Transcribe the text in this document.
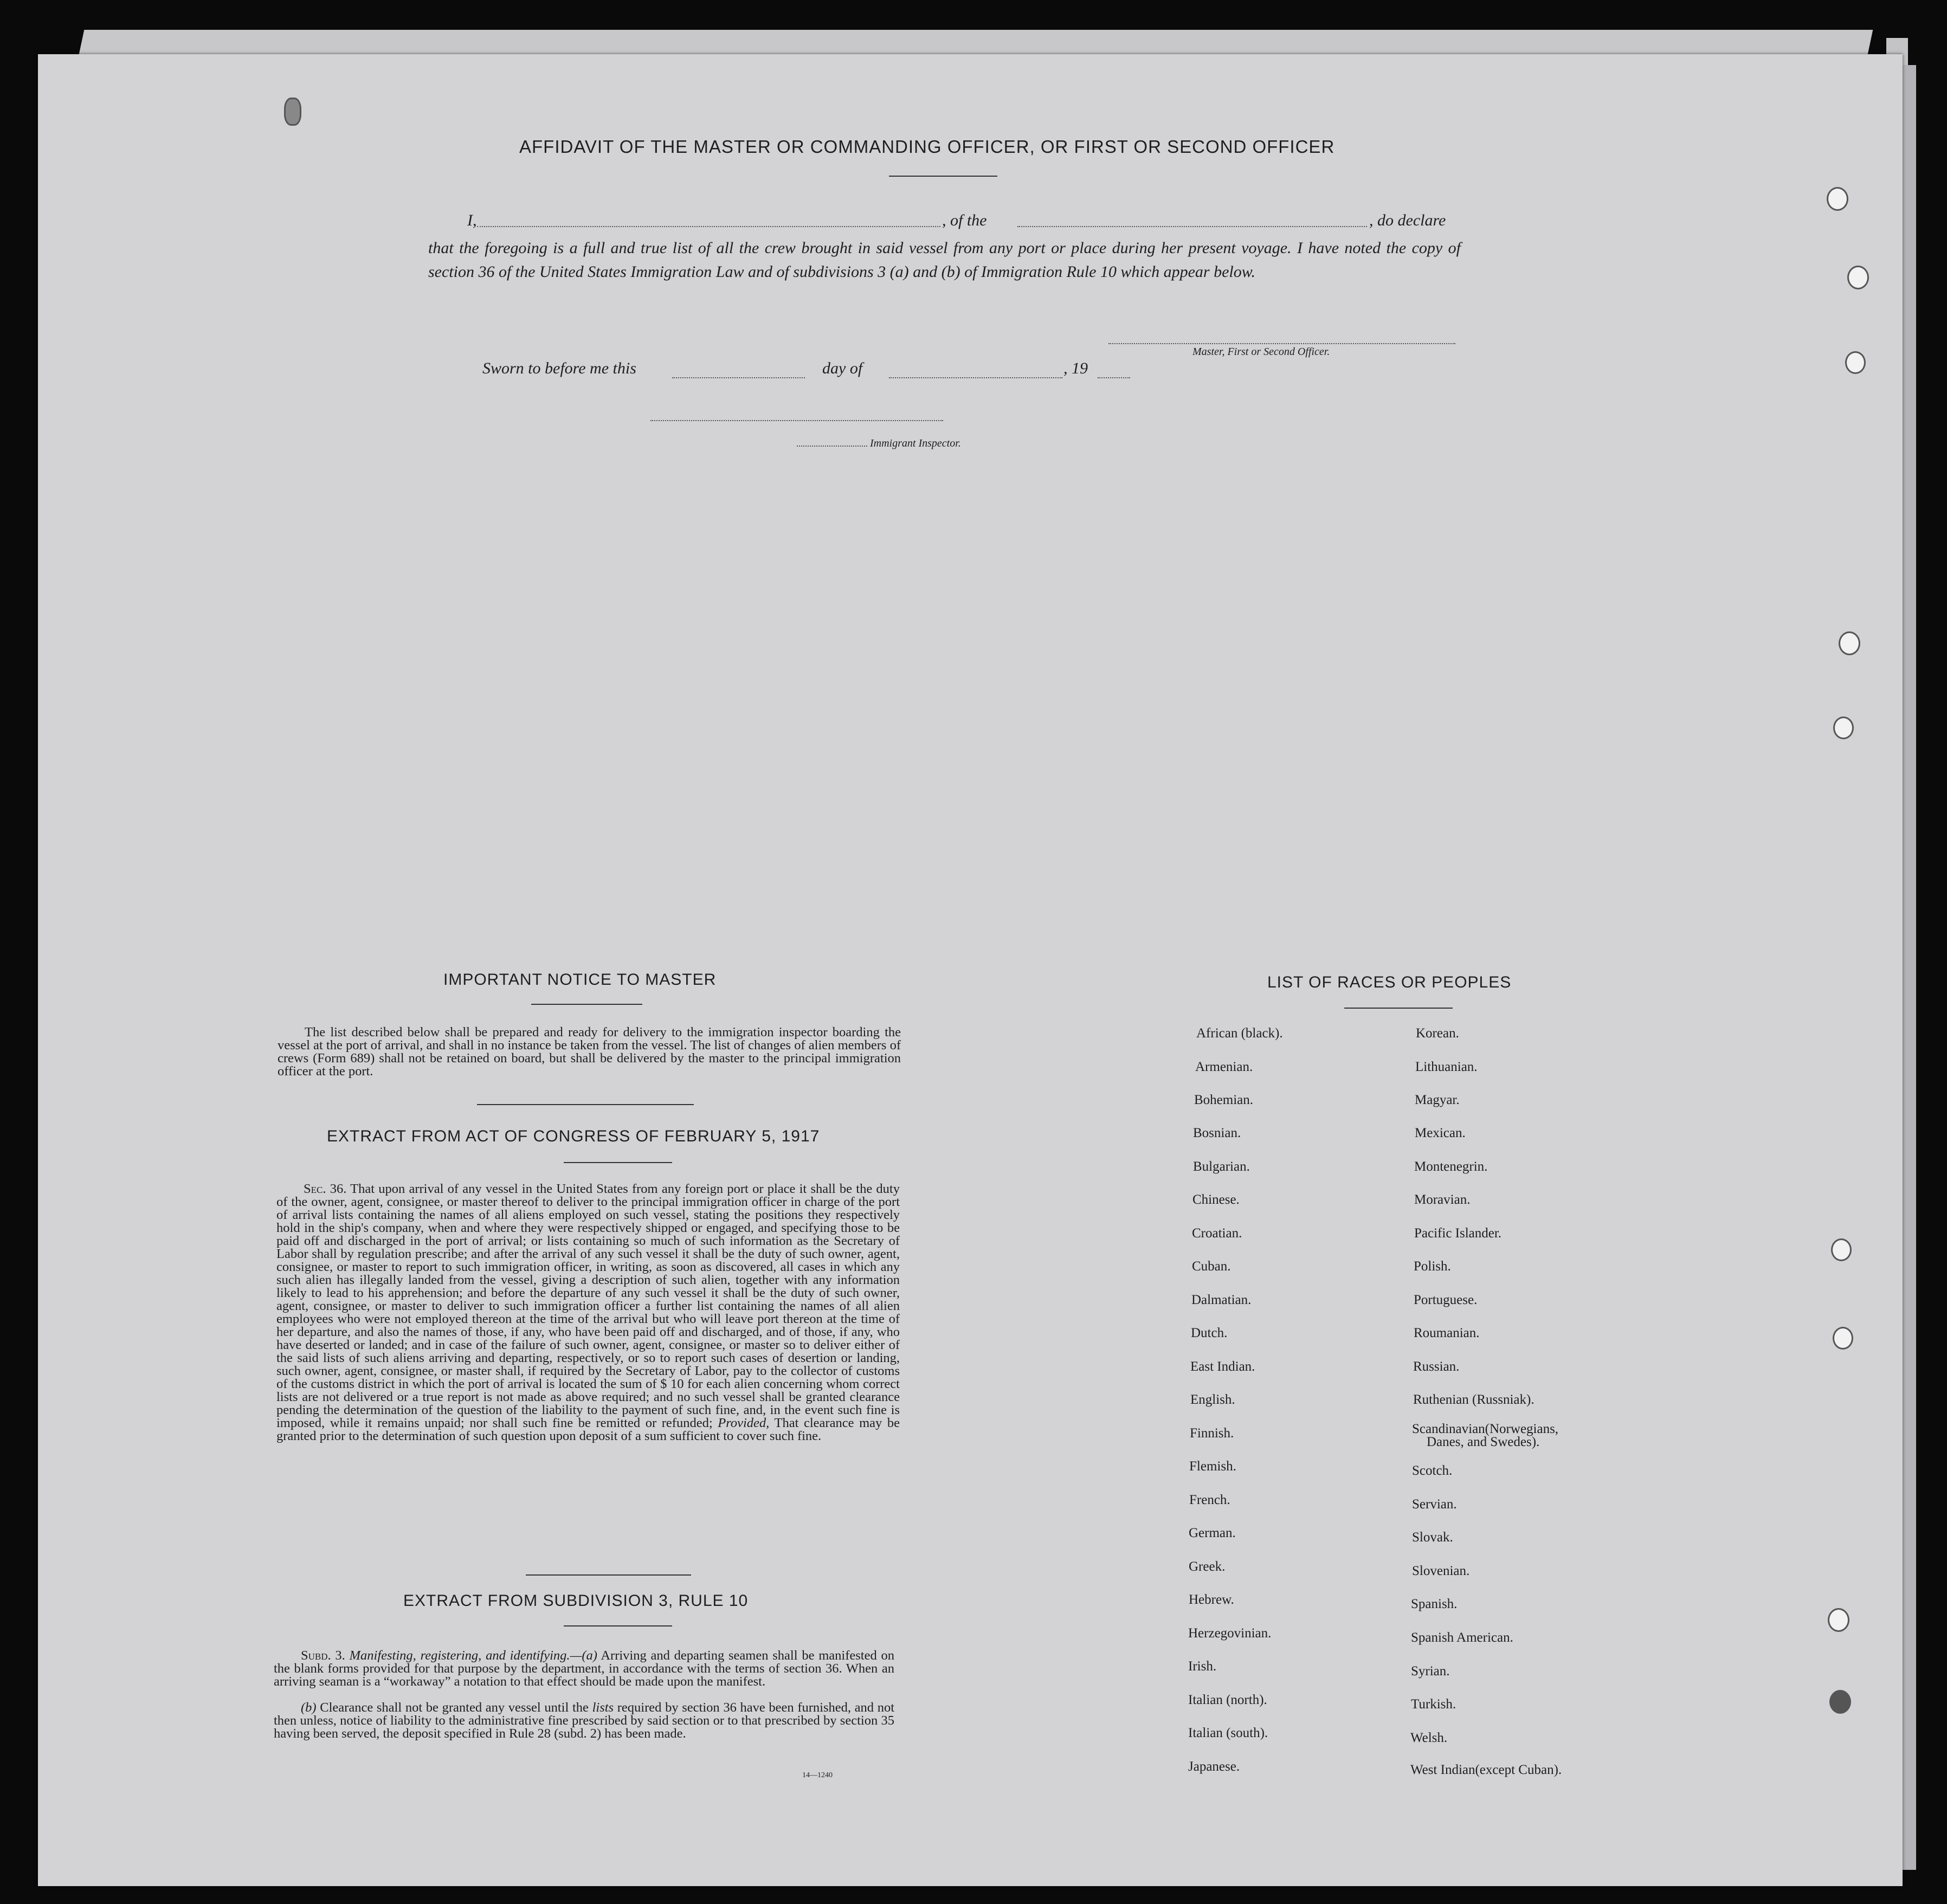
AFFIDAVIT OF THE MASTER OR COMMANDING OFFICER, OR FIRST OR SECOND OFFICER
I,	, of the	, do declare
that the foregoing is a full and true list of all the crew brought in said vessel from any port or place during her present voyage. I have noted the copy of section 36 of the United States Immigration Law and of subdivisions 3 (a) and (b) of Immigration Rule 10 which appear below.
Master, First or Second Officer.
Sworn to before me this	day of	, 19
Immigrant Inspector.
IMPORTANT NOTICE TO MASTER
The list described below shall be prepared and ready for delivery to the immigration inspector boarding the vessel at the port of arrival, and shall in no instance be taken from the vessel. The list of changes of alien members of crews (Form 689) shall not be retained on board, but shall be delivered by the master to the principal immigration officer at the port.
EXTRACT FROM ACT OF CONGRESS OF FEBRUARY 5, 1917
Sec. 36. That upon arrival of any vessel in the United States from any foreign port or place it shall be the duty of the owner, agent, consignee, or master thereof to deliver to the principal immigration officer in charge of the port of arrival lists containing the names of all aliens employed on such vessel, stating the positions they respectively hold in the ship's company, when and where they were respectively shipped or engaged, and specifying those to be paid off and discharged in the port of arrival; or lists containing so much of such information as the Secretary of Labor shall by regulation prescribe; and after the arrival of any such vessel it shall be the duty of such owner, agent, consignee, or master to report to such immigration officer, in writing, as soon as discovered, all cases in which any such alien has illegally landed from the vessel, giving a description of such alien, together with any information likely to lead to his apprehension; and before the departure of any such vessel it shall be the duty of such owner, agent, consignee, or master to deliver to such immigration officer a further list containing the names of all alien employees who were not employed thereon at the time of the arrival but who will leave port thereon at the time of her departure, and also the names of those, if any, who have been paid off and discharged, and of those, if any, who have deserted or landed; and in case of the failure of such owner, agent, consignee, or master so to deliver either of the said lists of such aliens arriving and departing, respectively, or so to report such cases of desertion or landing, such owner, agent, consignee, or master shall, if required by the Secretary of Labor, pay to the collector of customs of the customs district in which the port of arrival is located the sum of $ 10 for each alien concerning whom correct lists are not delivered or a true report is not made as above required; and no such vessel shall be granted clearance pending the determination of the question of the liability to the payment of such fine, and, in the event such fine is imposed, while it remains unpaid; nor shall such fine be remitted or refunded; Provided, That clearance may be granted prior to the determination of such question upon deposit of a sum sufficient to cover such fine.
EXTRACT FROM SUBDIVISION 3, RULE 10
Subd. 3. Manifesting, registering, and identifying.—(a) Arriving and departing seamen shall be manifested on the blank forms provided for that purpose by the department, in accordance with the terms of section 36. When an arriving seaman is a “workaway” a notation to that effect should be made upon the manifest.
(b) Clearance shall not be granted any vessel until the lists required by section 36 have been furnished, and not then unless, notice of liability to the administrative fine prescribed by said section or to that prescribed by section 35 having been served, the deposit specified in Rule 28 (subd. 2) has been made.
14—1240
LIST OF RACES OR PEOPLES
African (black).
Armenian.
Bohemian.
Bosnian.
Bulgarian.
Chinese.
Croatian.
Cuban.
Dalmatian.
Dutch.
East Indian.
English.
Finnish.
Flemish.
French.
German.
Greek.
Hebrew.
Herzegovinian.
Irish.
Italian (north).
Italian (south).
Japanese.
Korean.
Lithuanian.
Magyar.
Mexican.
Montenegrin.
Moravian.
Pacific Islander.
Polish.
Portuguese.
Roumanian.
Russian.
Ruthenian (Russniak).
Scandinavian(Norwegians,
Danes, and Swedes).
Scotch.
Servian.
Slovak.
Slovenian.
Spanish.
Spanish American.
Syrian.
Turkish.
Welsh.
West Indian(except Cuban).
